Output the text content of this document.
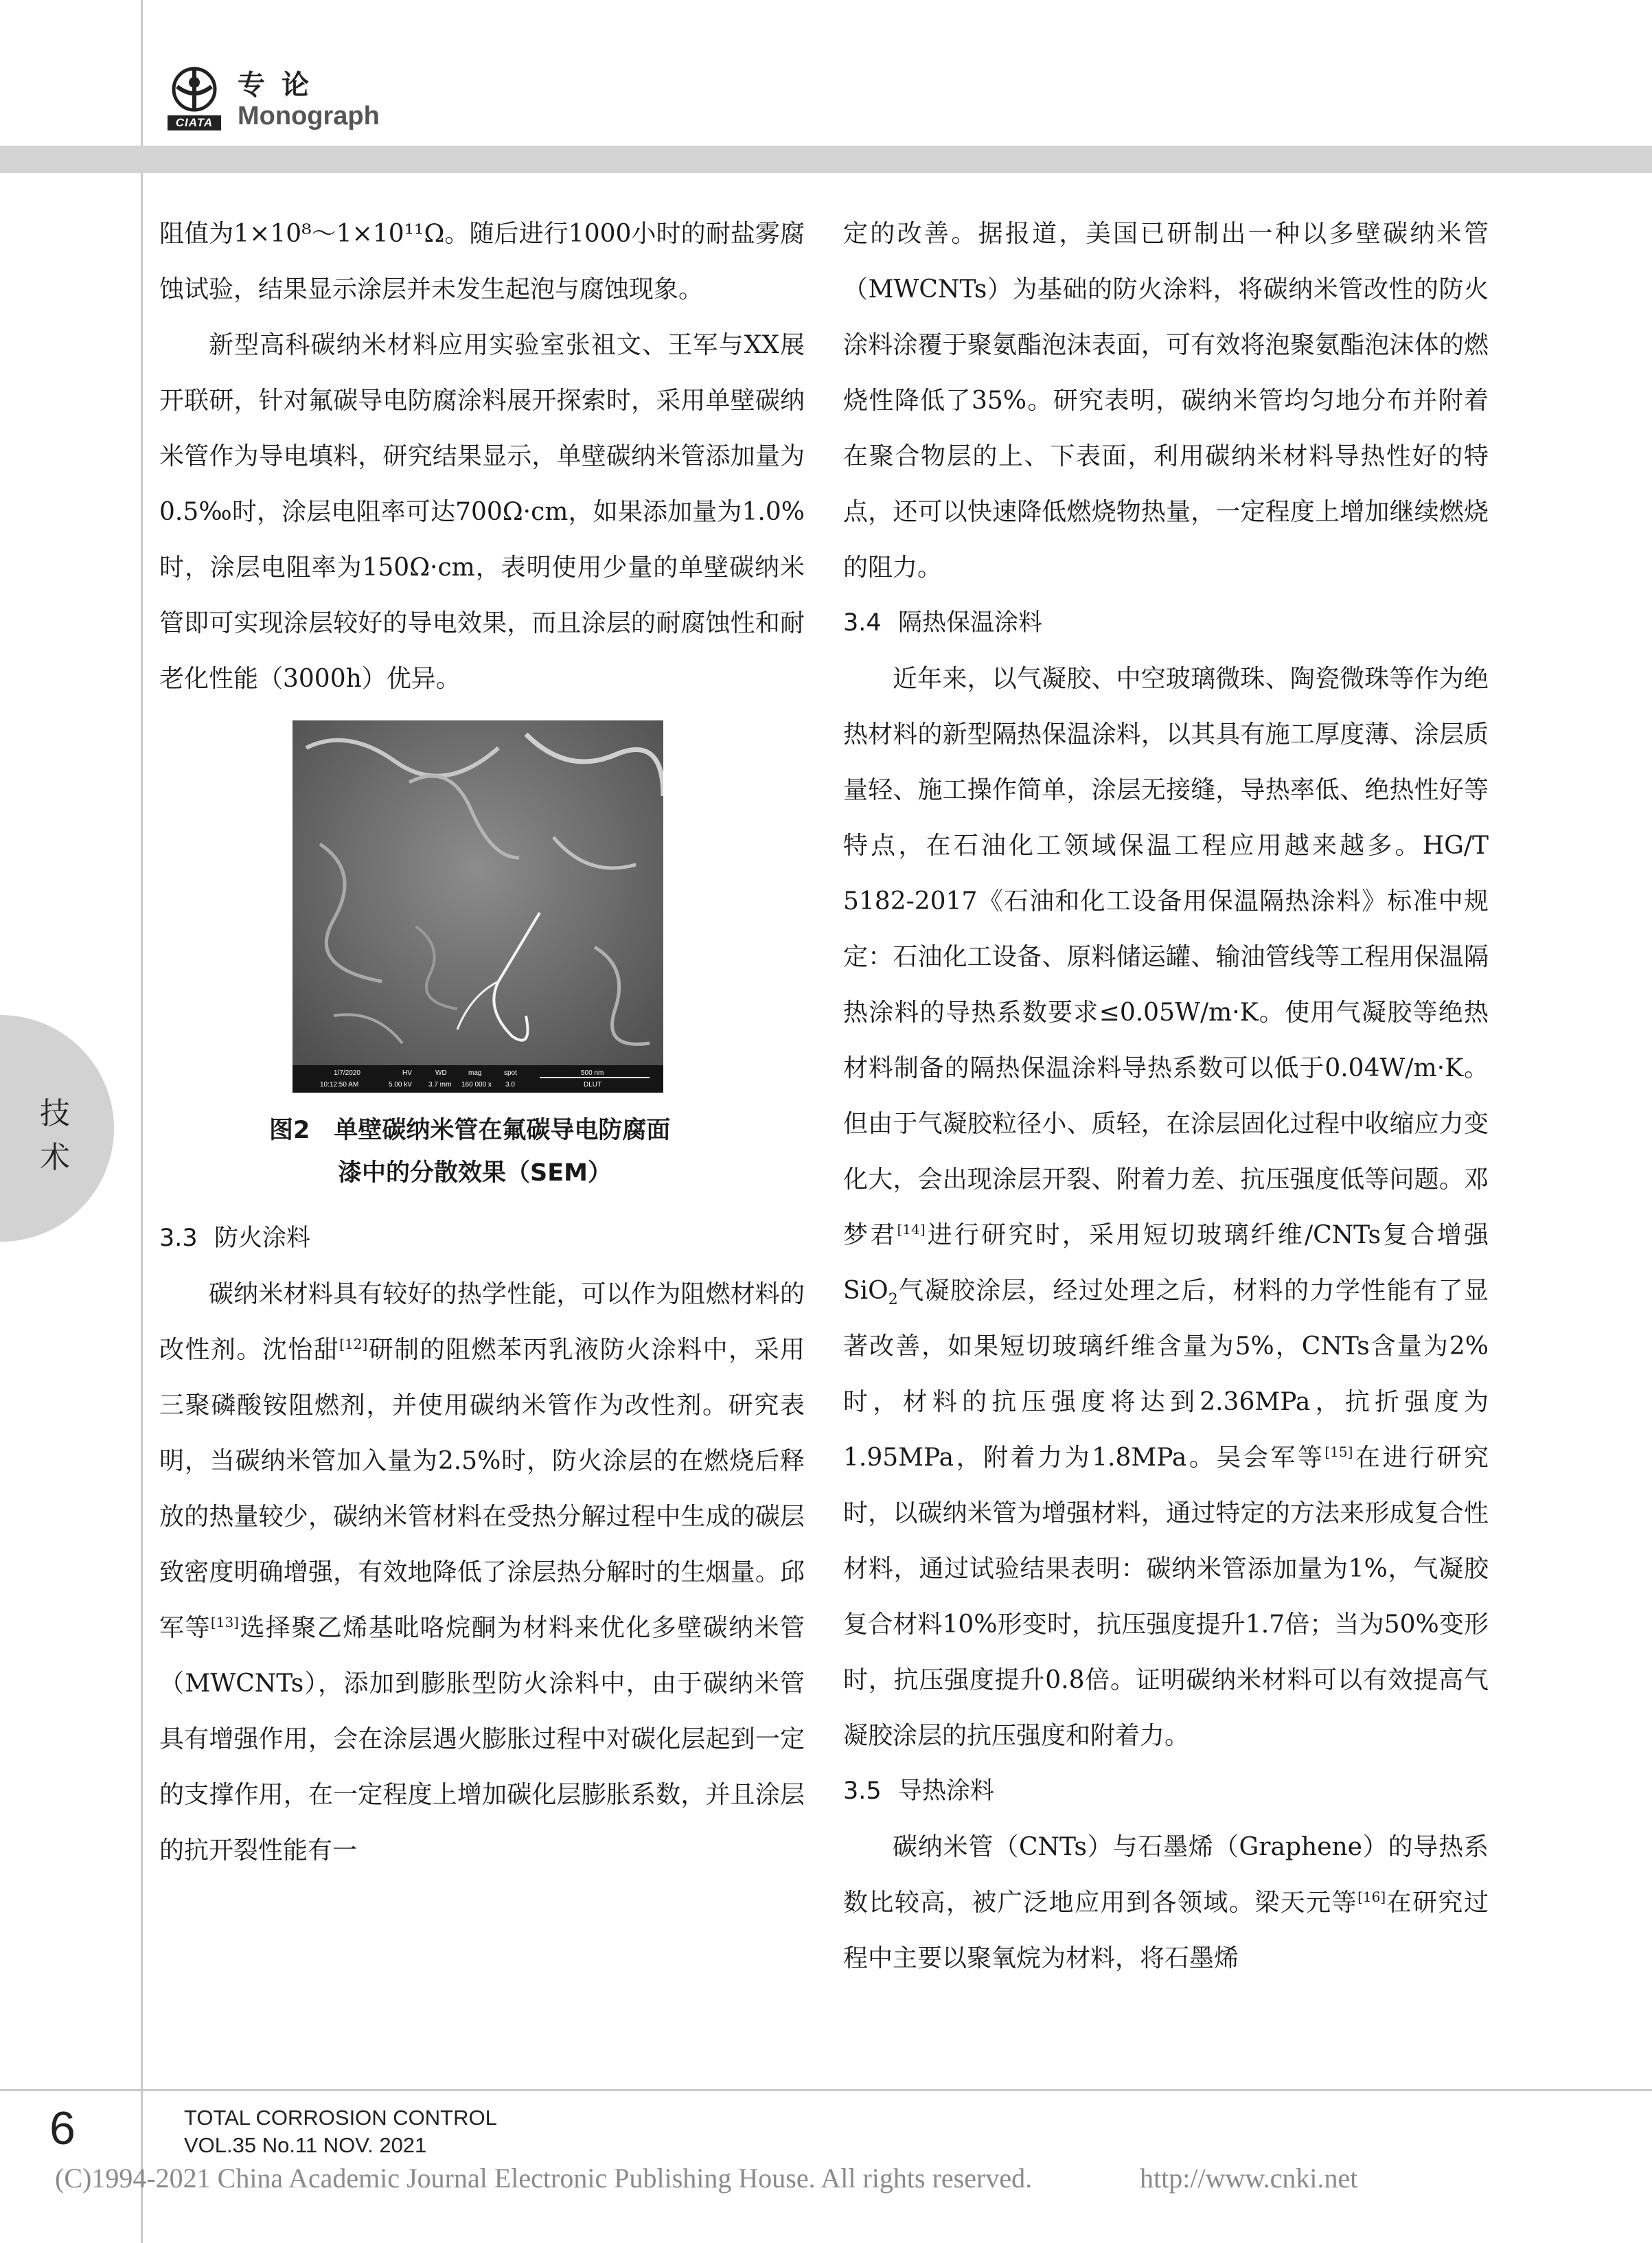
CIATA
专论
Monograph
技术

阻值为1×10⁸～1×10¹¹Ω。随后进行1000小时的耐盐雾腐蚀试验，结果显示涂层并未发生起泡与腐蚀现象。

新型高科碳纳米材料应用实验室张祖文、王军与XX展开联研，针对氟碳导电防腐涂料展开探索时，采用单壁碳纳米管作为导电填料，研究结果显示，单壁碳纳米管添加量为0.5‰时，涂层电阻率可达700Ω·cm，如果添加量为1.0%时，涂层电阻率为150Ω·cm，表明使用少量的单壁碳纳米管即可实现涂层较好的导电效果，而且涂层的耐腐蚀性和耐老化性能（3000h）优异。

1/7/2020	HV	WD	mag	spot	500 nm
10:12:50 AM	5.00 kV 3.7 mm 160 000 x 3.0	DLUT
图2　单壁碳纳米管在氟碳导电防腐面
漆中的分散效果（SEM）

3.3 防火涂料

碳纳米材料具有较好的热学性能，可以作为阻燃材料的改性剂。沈怡甜[12]研制的阻燃苯丙乳液防火涂料中，采用三聚磷酸铵阻燃剂，并使用碳纳米管作为改性剂。研究表明，当碳纳米管加入量为2.5%时，防火涂层的在燃烧后释放的热量较少，碳纳米管材料在受热分解过程中生成的碳层致密度明确增强，有效地降低了涂层热分解时的生烟量。邱军等[13]选择聚乙烯基吡咯烷酮为材料来优化多壁碳纳米管（MWCNTs），添加到膨胀型防火涂料中，由于碳纳米管具有增强作用，会在涂层遇火膨胀过程中对碳化层起到一定的支撑作用，在一定程度上增加碳化层膨胀系数，并且涂层的抗开裂性能有一

定的改善。据报道，美国已研制出一种以多壁碳纳米管（MWCNTs）为基础的防火涂料，将碳纳米管改性的防火涂料涂覆于聚氨酯泡沫表面，可有效将泡聚氨酯泡沫体的燃烧性降低了35%。研究表明，碳纳米管均匀地分布并附着在聚合物层的上、下表面，利用碳纳米材料导热性好的特点，还可以快速降低燃烧物热量，一定程度上增加继续燃烧的阻力。

3.4 隔热保温涂料

近年来，以气凝胶、中空玻璃微珠、陶瓷微珠等作为绝热材料的新型隔热保温涂料，以其具有施工厚度薄、涂层质量轻、施工操作简单，涂层无接缝，导热率低、绝热性好等特点，在石油化工领域保温工程应用越来越多。HG/T 5182-2017《石油和化工设备用保温隔热涂料》标准中规定：石油化工设备、原料储运罐、输油管线等工程用保温隔热涂料的导热系数要求≤0.05W/m·K。使用气凝胶等绝热材料制备的隔热保温涂料导热系数可以低于0.04W/m·K。但由于气凝胶粒径小、质轻，在涂层固化过程中收缩应力变化大，会出现涂层开裂、附着力差、抗压强度低等问题。邓梦君[14]进行研究时，采用短切玻璃纤维/CNTs复合增强SiO$_2$气凝胶涂层，经过处理之后，材料的力学性能有了显著改善，如果短切玻璃纤维含量为5%，CNTs含量为2%时，材料的抗压强度将达到2.36MPa，抗折强度为1.95MPa，附着力为1.8MPa。吴会军等[15]在进行研究时，以碳纳米管为增强材料，通过特定的方法来形成复合性材料，通过试验结果表明：碳纳米管添加量为1%，气凝胶复合材料10%形变时，抗压强度提升1.7倍；当为50%变形时，抗压强度提升0.8倍。证明碳纳米材料可以有效提高气凝胶涂层的抗压强度和附着力。

3.5 导热涂料

碳纳米管（CNTs）与石墨烯（Graphene）的导热系数比较高，被广泛地应用到各领域。梁天元等[16]在研究过程中主要以聚氧烷为材料，将石墨烯

6	TOTAL CORROSION CONTROL
VOL.35 No.11 NOV. 2021
(C)1994-2021 China Academic Journal Electronic Publishing House. All rights reserved.	http://www.cnki.net
